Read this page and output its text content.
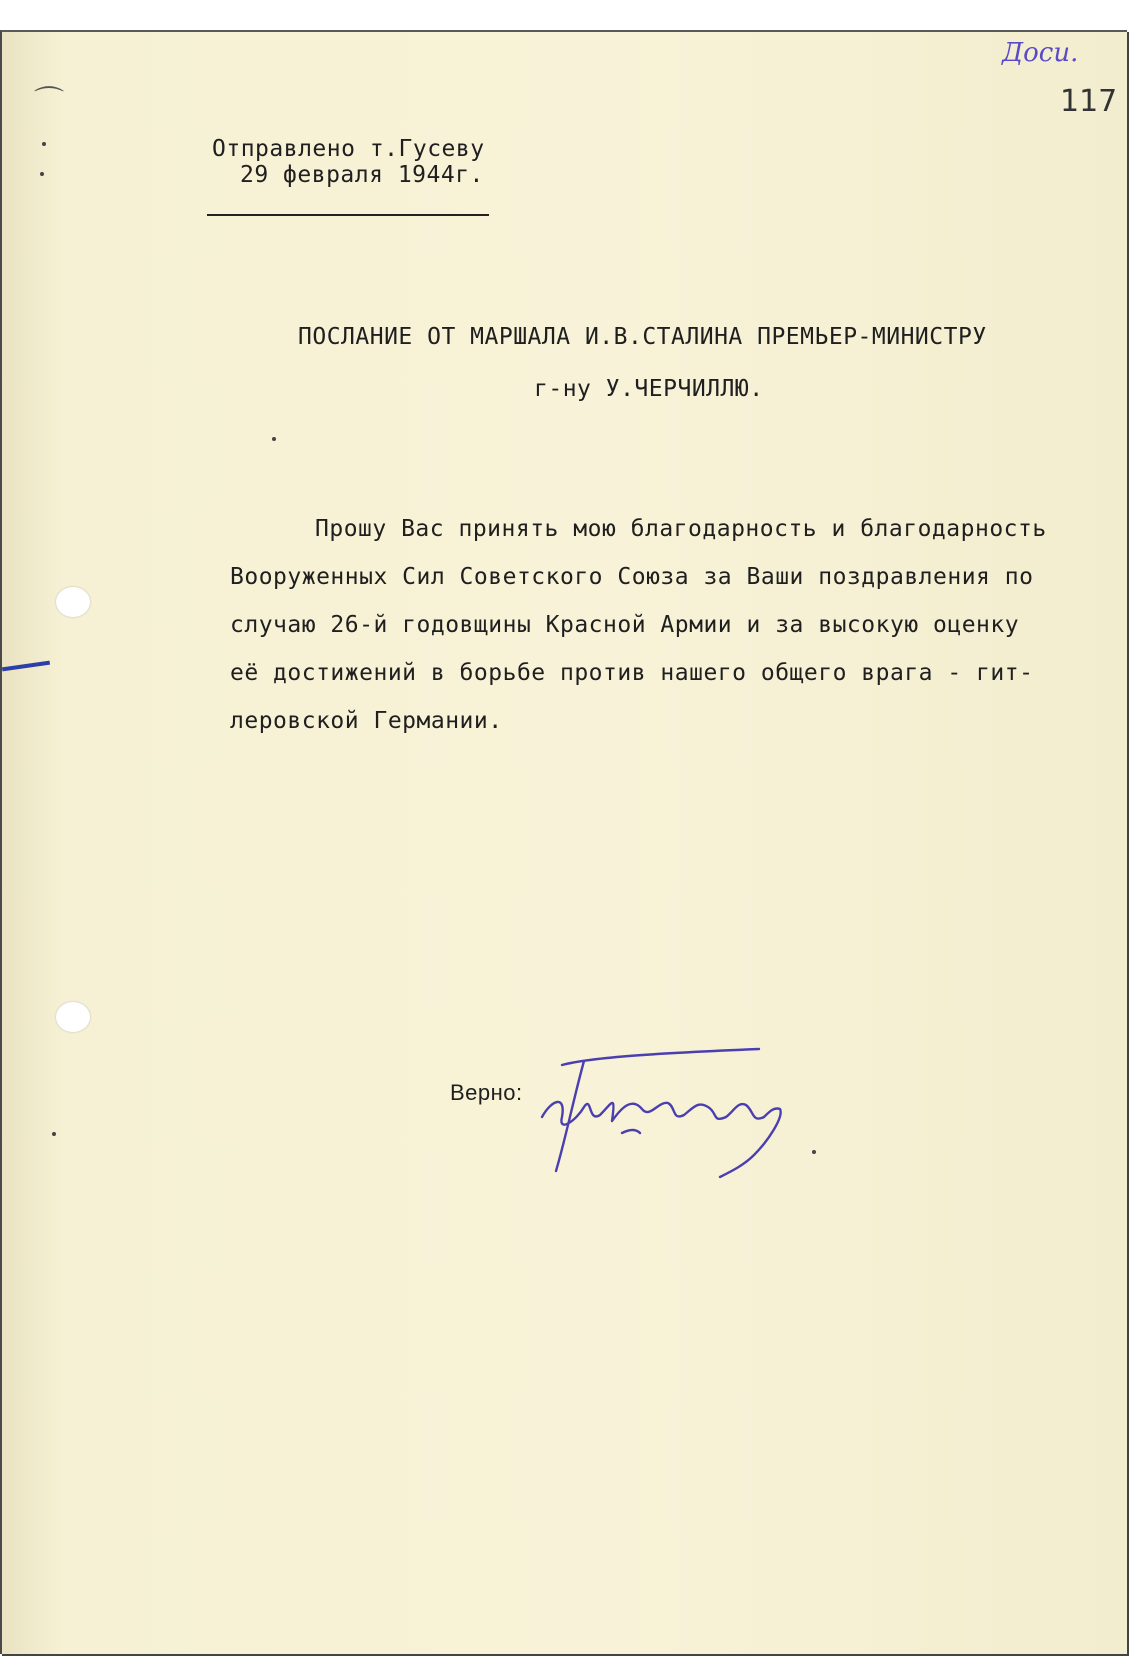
⌒
Доси.
117
Отправлено т.Гусеву
29 февраля 1944г.
ПОСЛАНИЕ ОТ МАРШАЛА И.В.СТАЛИНА ПРЕМЬЕР-МИНИСТРУ
г-ну У.ЧЕРЧИЛЛЮ.
Прошу Вас принять мою благодарность и благодарность
Вооруженных Сил Советского Союза за Ваши поздравления по
случаю 26-й годовщины Красной Армии и за высокую оценку
её достижений в борьбе против нашего общего врага - гит-
леровской Германии.
Верно:
